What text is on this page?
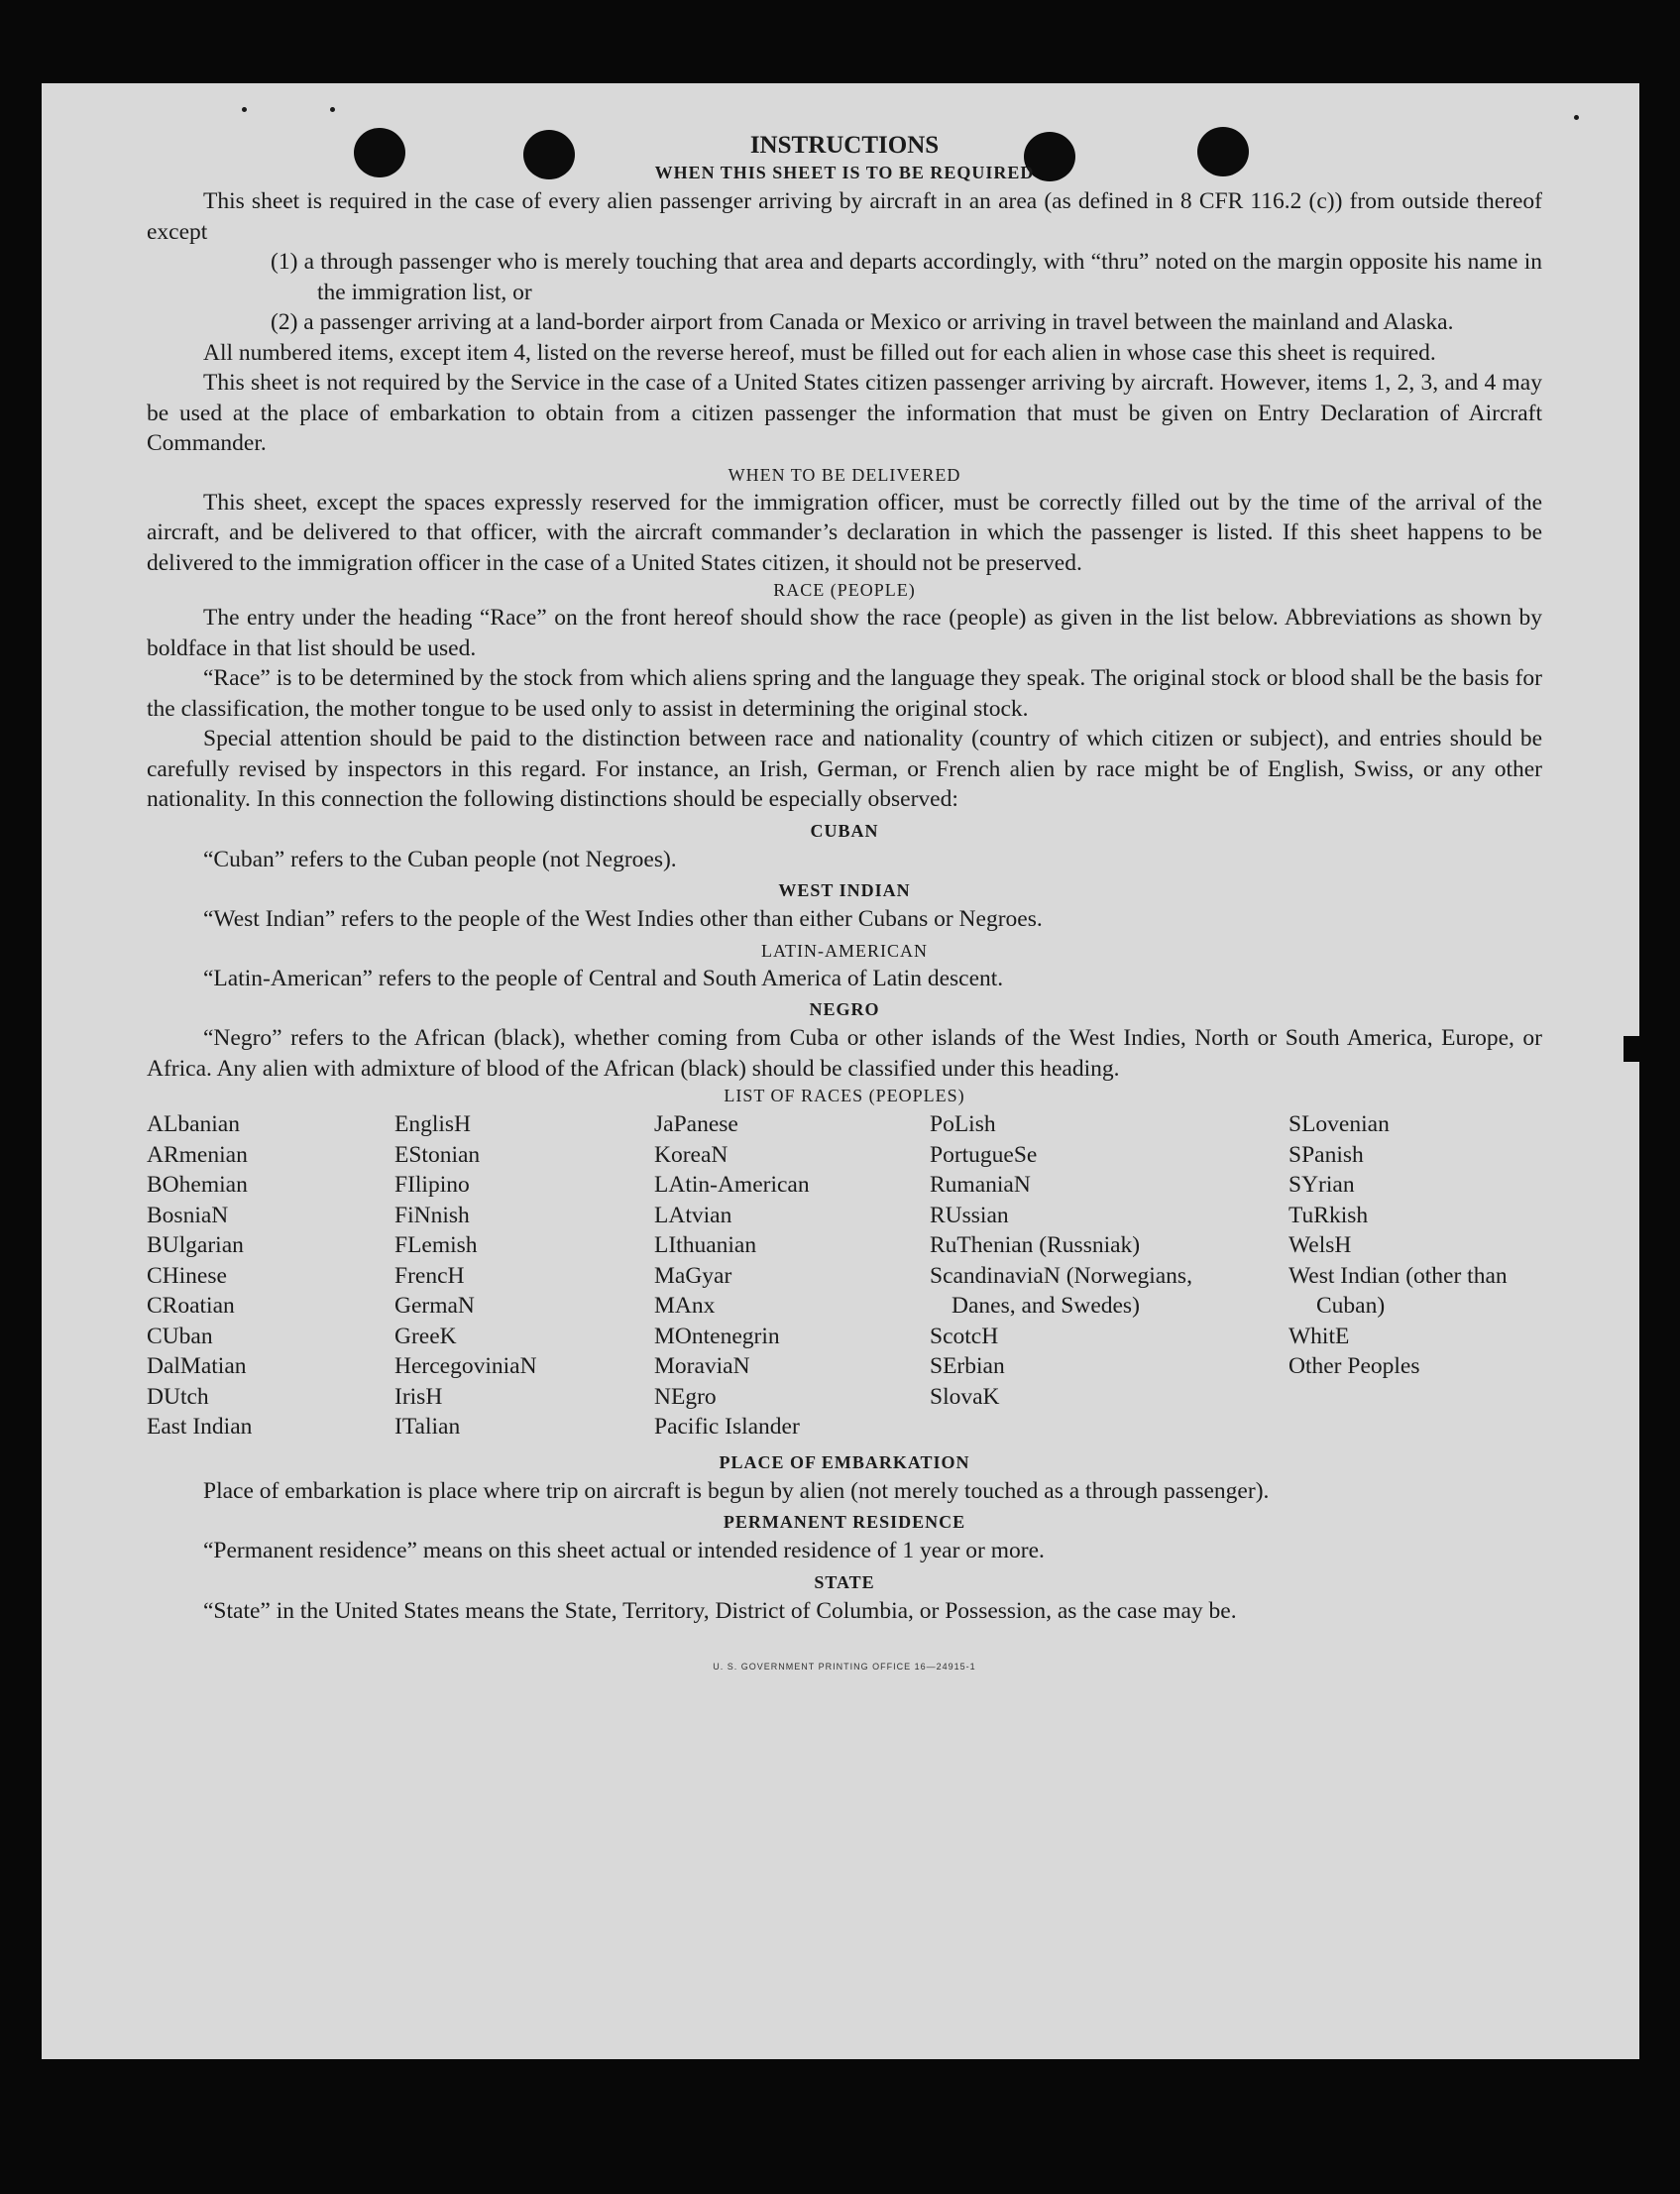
INSTRUCTIONS
WHEN THIS SHEET IS TO BE REQUIRED

This sheet is required in the case of every alien passenger arriving by aircraft in an area (as defined in 8 CFR 116.2 (c)) from outside thereof except

(1) a through passenger who is merely touching that area and departs accordingly, with “thru” noted on the margin opposite his name in the immigration list, or

(2) a passenger arriving at a land-border airport from Canada or Mexico or arriving in travel between the mainland and Alaska.

All numbered items, except item 4, listed on the reverse hereof, must be filled out for each alien in whose case this sheet is required.

This sheet is not required by the Service in the case of a United States citizen passenger arriving by aircraft. However, items 1, 2, 3, and 4 may be used at the place of embarkation to obtain from a citizen passenger the information that must be given on Entry Declaration of Aircraft Commander.

WHEN TO BE DELIVERED

This sheet, except the spaces expressly reserved for the immigration officer, must be correctly filled out by the time of the arrival of the aircraft, and be delivered to that officer, with the aircraft commander’s declaration in which the passenger is listed. If this sheet happens to be delivered to the immigration officer in the case of a United States citizen, it should not be preserved.

RACE (PEOPLE)

The entry under the heading “Race” on the front hereof should show the race (people) as given in the list below. Abbreviations as shown by boldface in that list should be used.

“Race” is to be determined by the stock from which aliens spring and the language they speak. The original stock or blood shall be the basis for the classification, the mother tongue to be used only to assist in determining the original stock.

Special attention should be paid to the distinction between race and nationality (country of which citizen or subject), and entries should be carefully revised by inspectors in this regard. For instance, an Irish, German, or French alien by race might be of English, Swiss, or any other nationality. In this connection the following distinctions should be especially observed:

CUBAN

“Cuban” refers to the Cuban people (not Negroes).

WEST INDIAN

“West Indian” refers to the people of the West Indies other than either Cubans or Negroes.

LATIN-AMERICAN

“Latin-American” refers to the people of Central and South America of Latin descent.

NEGRO

“Negro” refers to the African (black), whether coming from Cuba or other islands of the West Indies, North or South America, Europe, or Africa. Any alien with admixture of blood of the African (black) should be classified under this heading.

LIST OF RACES (PEOPLES)
ALbanian
ARmenian
BOhemian
BosniaN
BUlgarian
CHinese
CRoatian
CUban
DalMatian
DUtch
East Indian
EnglisH
EStonian
FIlipino
FiNnish
FLemish
FrencH
GermaN
GreeK
HercegoviniaN
IrisH
ITalian
JaPanese
KoreaN
LAtin-American
LAtvian
LIthuanian
MaGyar
MAnx
MOntenegrin
MoraviaN
NEgro
Pacific Islander
PoLish
PortugueSe
RumaniaN
RUssian
RuThenian (Russniak)
ScandinaviaN (Norwegians, Danes, and Swedes)
ScotcH
SErbian
SlovaK
SLovenian
SPanish
SYrian
TuRkish
WelsH
West Indian (other than Cuban)
WhitE
Other Peoples
PLACE OF EMBARKATION

Place of embarkation is place where trip on aircraft is begun by alien (not merely touched as a through passenger).

PERMANENT RESIDENCE

“Permanent residence” means on this sheet actual or intended residence of 1 year or more.

STATE

“State” in the United States means the State, Territory, District of Columbia, or Possession, as the case may be.

U. S. GOVERNMENT PRINTING OFFICE 16—24915-1
